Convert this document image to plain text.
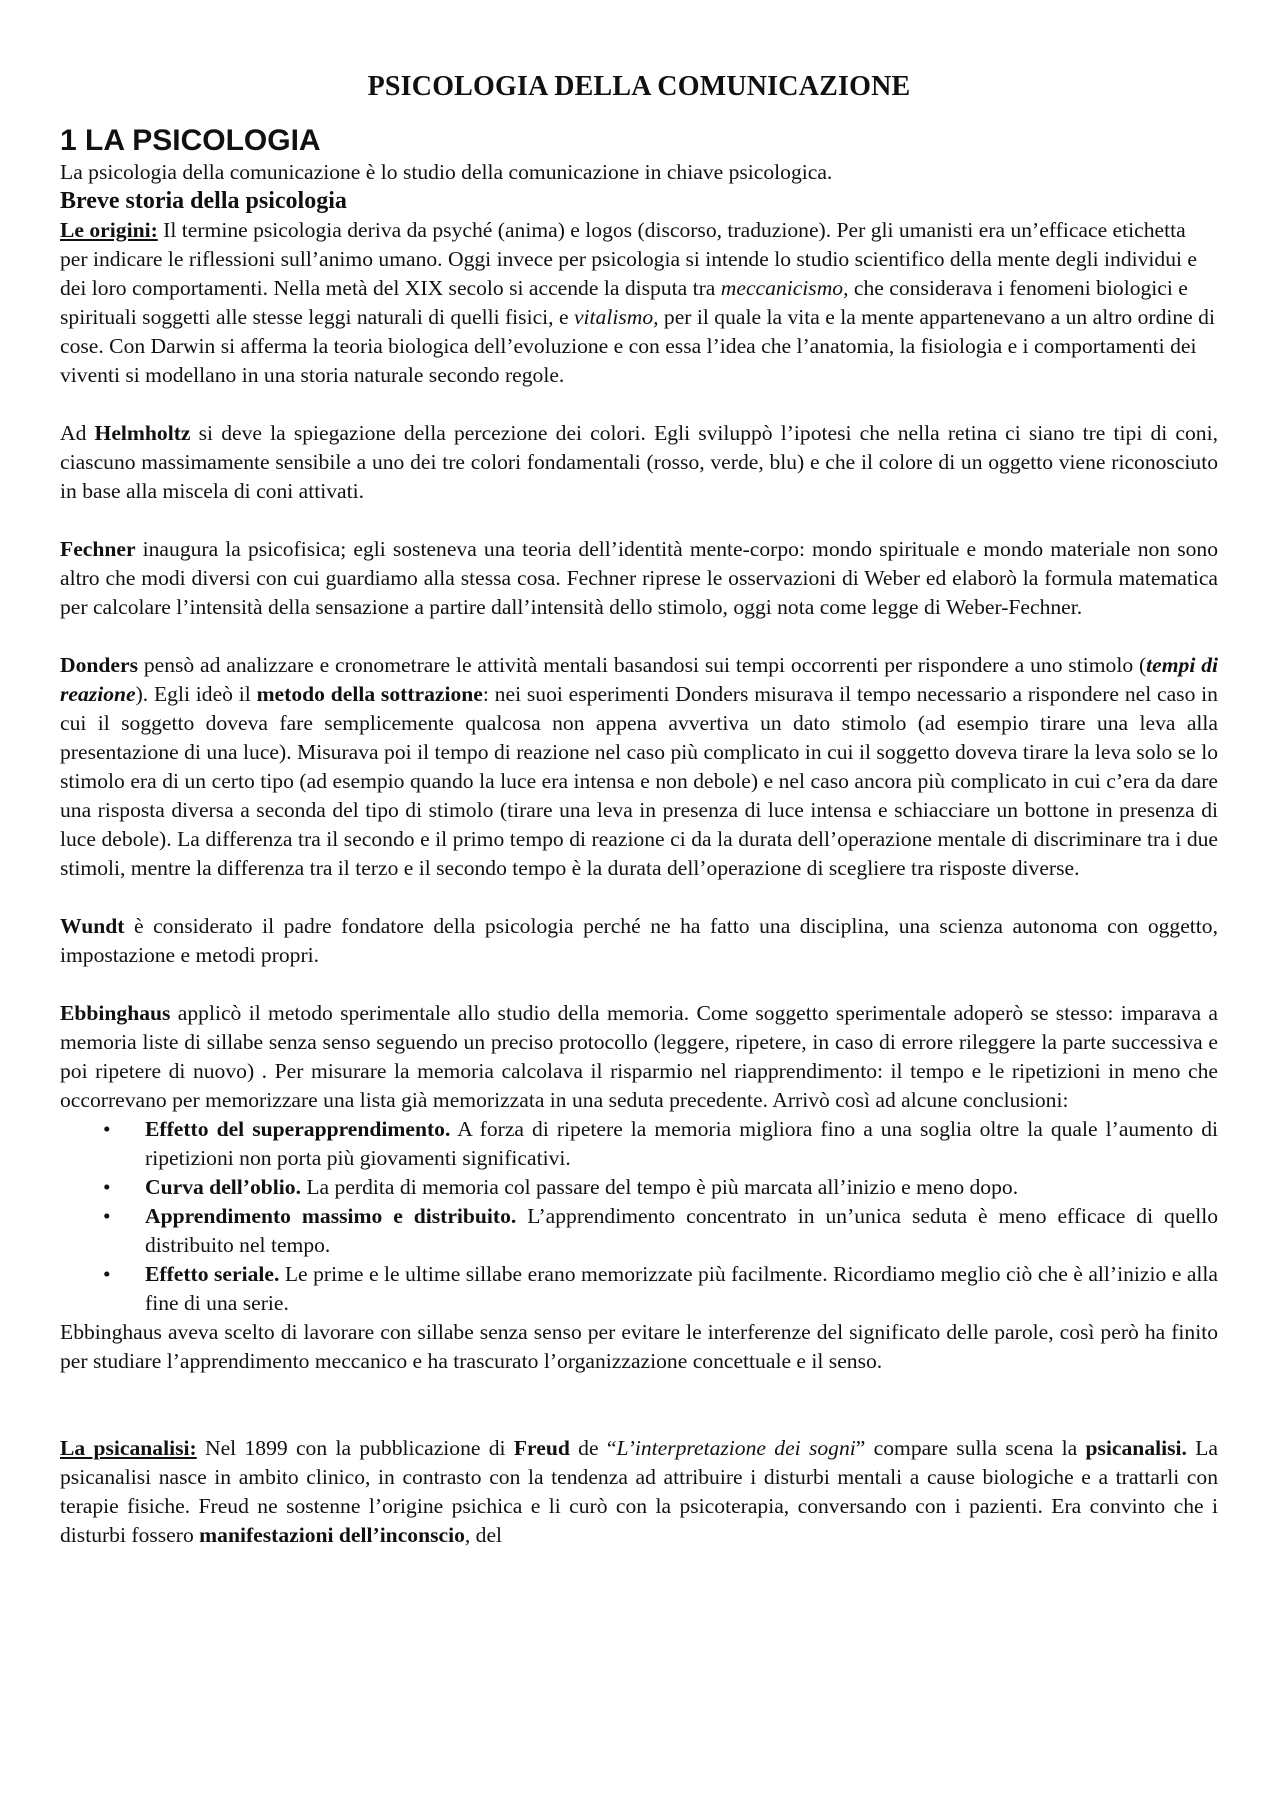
PSICOLOGIA DELLA COMUNICAZIONE
1 LA PSICOLOGIA

La psicologia della comunicazione è lo studio della comunicazione in chiave psicologica.

Breve storia della psicologia

Le origini: Il termine psicologia deriva da psyché (anima) e logos (discorso, traduzione). Per gli umanisti era un’efficace etichetta per indicare le riflessioni sull’animo umano. Oggi invece per psicologia si intende lo studio scientifico della mente degli individui e dei loro comportamenti. Nella metà del XIX secolo si accende la disputa tra meccanicismo, che considerava i fenomeni biologici e spirituali soggetti alle stesse leggi naturali di quelli fisici, e vitalismo, per il quale la vita e la mente appartenevano a un altro ordine di cose. Con Darwin si afferma la teoria biologica dell’evoluzione e con essa l’idea che l’anatomia, la fisiologia e i comportamenti dei viventi si modellano in una storia naturale secondo regole.

Ad Helmholtz si deve la spiegazione della percezione dei colori. Egli sviluppò l’ipotesi che nella retina ci siano tre tipi di coni, ciascuno massimamente sensibile a uno dei tre colori fondamentali (rosso, verde, blu) e che il colore di un oggetto viene riconosciuto in base alla miscela di coni attivati.

Fechner inaugura la psicofisica; egli sosteneva una teoria dell’identità mente-corpo: mondo spirituale e mondo materiale non sono altro che modi diversi con cui guardiamo alla stessa cosa. Fechner riprese le osservazioni di Weber ed elaborò la formula matematica per calcolare l’intensità della sensazione a partire dall’intensità dello stimolo, oggi nota come legge di Weber-Fechner.

Donders pensò ad analizzare e cronometrare le attività mentali basandosi sui tempi occorrenti per rispondere a uno stimolo (tempi di reazione). Egli ideò il metodo della sottrazione: nei suoi esperimenti Donders misurava il tempo necessario a rispondere nel caso in cui il soggetto doveva fare semplicemente qualcosa non appena avvertiva un dato stimolo (ad esempio tirare una leva alla presentazione di una luce). Misurava poi il tempo di reazione nel caso più complicato in cui il soggetto doveva tirare la leva solo se lo stimolo era di un certo tipo (ad esempio quando la luce era intensa e non debole) e nel caso ancora più complicato in cui c’era da dare una risposta diversa a seconda del tipo di stimolo (tirare una leva in presenza di luce intensa e schiacciare un bottone in presenza di luce debole). La differenza tra il secondo e il primo tempo di reazione ci da la durata dell’operazione mentale di discriminare tra i due stimoli, mentre la differenza tra il terzo e il secondo tempo è la durata dell’operazione di scegliere tra risposte diverse.

Wundt è considerato il padre fondatore della psicologia perché ne ha fatto una disciplina, una scienza autonoma con oggetto, impostazione e metodi propri.

Ebbinghaus applicò il metodo sperimentale allo studio della memoria. Come soggetto sperimentale adoperò se stesso: imparava a memoria liste di sillabe senza senso seguendo un preciso protocollo (leggere, ripetere, in caso di errore rileggere la parte successiva e poi ripetere di nuovo) . Per misurare la memoria calcolava il risparmio nel riapprendimento: il tempo e le ripetizioni in meno che occorrevano per memorizzare una lista già memorizzata in una seduta precedente. Arrivò così ad alcune conclusioni:

• Effetto del superapprendimento. A forza di ripetere la memoria migliora fino a una soglia oltre la quale l’aumento di ripetizioni non porta più giovamenti significativi.
• Curva dell’oblio. La perdita di memoria col passare del tempo è più marcata all’inizio e meno dopo.
• Apprendimento massimo e distribuito. L’apprendimento concentrato in un’unica seduta è meno efficace di quello distribuito nel tempo.
• Effetto seriale. Le prime e le ultime sillabe erano memorizzate più facilmente. Ricordiamo meglio ciò che è all’inizio e alla fine di una serie.

Ebbinghaus aveva scelto di lavorare con sillabe senza senso per evitare le interferenze del significato delle parole, così però ha finito per studiare l’apprendimento meccanico e ha trascurato l’organizzazione concettuale e il senso.

La psicanalisi: Nel 1899 con la pubblicazione di Freud de “L’interpretazione dei sogni” compare sulla scena la psicanalisi. La psicanalisi nasce in ambito clinico, in contrasto con la tendenza ad attribuire i disturbi mentali a cause biologiche e a trattarli con terapie fisiche. Freud ne sostenne l’origine psichica e li curò con la psicoterapia, conversando con i pazienti. Era convinto che i disturbi fossero manifestazioni dell’inconscio, del
